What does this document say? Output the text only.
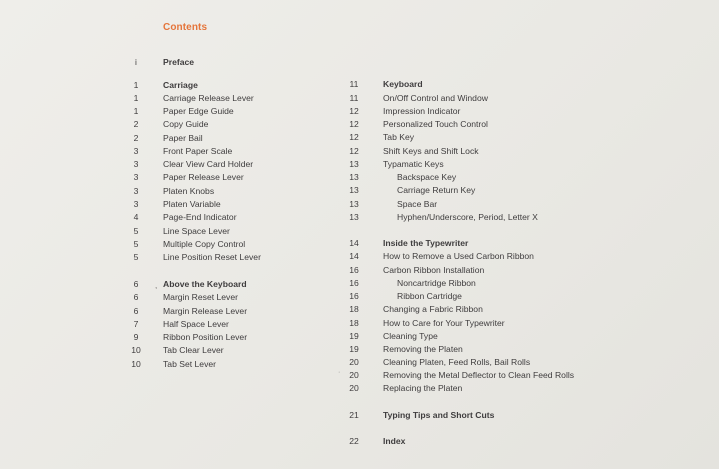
Contents
i	Preface
1	Carriage
1	Carriage Release Lever
1	Paper Edge Guide
2	Copy Guide
2	Paper Bail
3	Front Paper Scale
3	Clear View Card Holder
3	Paper Release Lever
3	Platen Knobs
3	Platen Variable
4	Page-End Indicator
5	Line Space Lever
5	Multiple Copy Control
5	Line Position Reset Lever
6	Above the Keyboard
6	Margin Reset Lever
6	Margin Release Lever
7	Half Space Lever
9	Ribbon Position Lever
10	Tab Clear Lever
10	Tab Set Lever
11	Keyboard
11	On/Off Control and Window
12	Impression Indicator
12	Personalized Touch Control
12	Tab Key
12	Shift Keys and Shift Lock
13	Typamatic Keys
13	Backspace Key
13	Carriage Return Key
13	Space Bar
13	Hyphen/Underscore, Period, Letter X
14	Inside the Typewriter
14	How to Remove a Used Carbon Ribbon
16	Carbon Ribbon Installation
16	Noncartridge Ribbon
16	Ribbon Cartridge
18	Changing a Fabric Ribbon
18	How to Care for Your Typewriter
19	Cleaning Type
19	Removing the Platen
20	Cleaning Platen, Feed Rolls, Bail Rolls
20	Removing the Metal Deflector to Clean Feed Rolls
20	Replacing the Platen
21	Typing Tips and Short Cuts
22	Index
,
·
